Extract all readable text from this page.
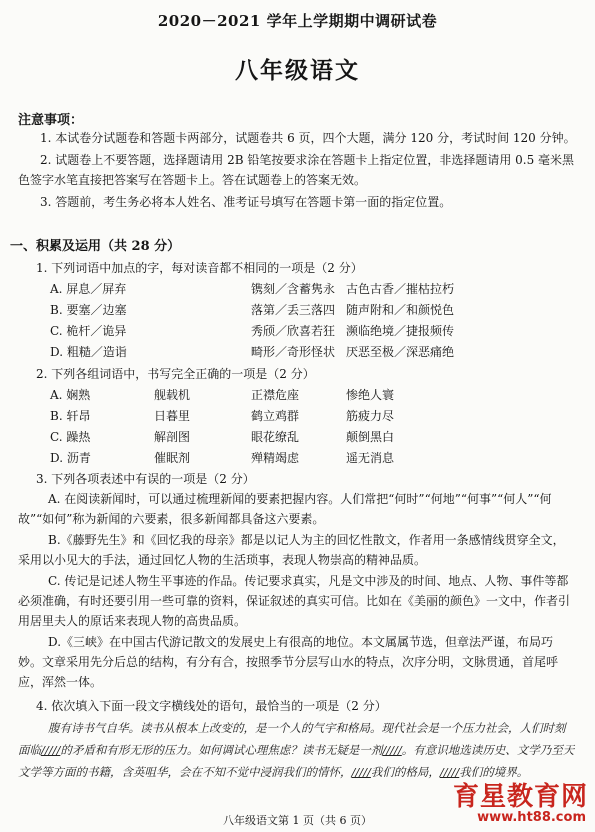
2020－2021 学年上学期期中调研试卷
八年级语文
注意事项：
1. 本试卷分试题卷和答题卡两部分，试题卷共 6 页，四个大题，满分 120 分，考试时间 120 分钟。
2. 试题卷上不要答题，选择题请用 2B 铅笔按要求涂在答题卡上指定位置，非选择题请用 0.5 毫米黑色签字水笔直接把答案写在答题卡上。答在试题卷上的答案无效。
3. 答题前，考生务必将本人姓名、准考证号填写在答题卡第一面的指定位置。
一、积累及运用（共 28 分）
1. 下列词语中加点的字，每对读音都不相同的一项是（2 分）
A. 屏息／屏弃	镌刻／含蓄隽永 古色古香／摧枯拉朽
B. 要塞／边塞	落第／丢三落四 随声附和／和颜悦色
C. 桅杆／诡异	秀颀／欣喜若狂 濒临绝境／捷报频传
D. 粗糙／造诣	畸形／奇形怪状 厌恶至极／深恶痛绝
2. 下列各组词语中，书写完全正确的一项是（2 分）
A. 娴熟	舰载机	正襟危座	惨绝人寰
B. 轩昂	日暮里	鹤立鸡群	筋疲力尽
C. 躁热	解剖图	眼花缭乱	颠倒黑白
D. 沥青	催眠剂	殚精竭虑	遥无消息
3. 下列各项表述中有误的一项是（2 分）
A. 在阅读新闻时，可以通过梳理新闻的要素把握内容。人们常把“何时”“何地”“何事”“何人”“何故”“如何”称为新闻的六要素，很多新闻都具备这六要素。
B.《藤野先生》和《回忆我的母亲》都是以记人为主的回忆性散文，作者用一条感情线贯穿全文，采用以小见大的手法，通过回忆人物的生活琐事，表现人物崇高的精神品质。
C. 传记是记述人物生平事迹的作品。传记要求真实，凡是文中涉及的时间、地点、人物、事件等都必须准确，有时还要引用一些可靠的资料，保证叙述的真实可信。比如在《美丽的颜色》一文中，作者引用居里夫人的原话来表现人物的高贵品质。
D.《三峡》在中国古代游记散文的发展史上有很高的地位。本文属属节选，但章法严谨，布局巧妙。文章采用先分后总的结构，有分有合，按照季节分层写山水的特点，次序分明，文脉贯通，首尾呼应，浑然一体。
4. 依次填入下面一段文字横线处的语句，最恰当的一项是（2 分）
腹有诗书气自华。读书从根本上改变的，是一个人的气宇和格局。现代社会是一个压力社会，人们时刻面临/////的矛盾和有形无形的压力。如何调试心理焦虑？读书无疑是一剂/////。有意识地选读历史、文学乃至天文学等方面的书籍，含英咀华，会在不知不觉中浸润我们的情怀，/////我们的格局，/////我们的境界。
八年级语文第 1 页（共 6 页）
育星教育网
www.ht88.com
